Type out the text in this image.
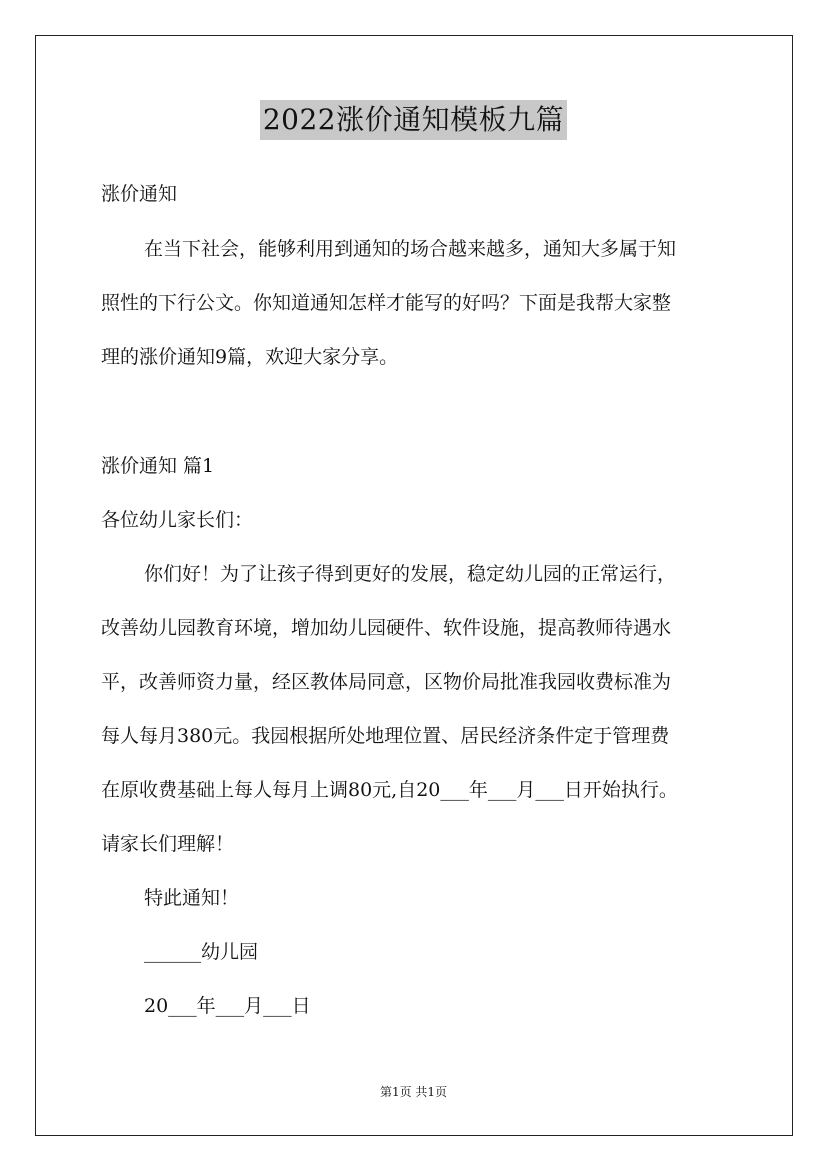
2022涨价通知模板九篇

涨价通知

在当下社会，能够利用到通知的场合越来越多，通知大多属于知

照性的下行公文。你知道通知怎样才能写的好吗？下面是我帮大家整

理的涨价通知9篇，欢迎大家分享。

涨价通知 篇1

各位幼儿家长们：

你们好！为了让孩子得到更好的发展，稳定幼儿园的正常运行，

改善幼儿园教育环境，增加幼儿园硬件、软件设施，提高教师待遇水

平，改善师资力量，经区教体局同意，区物价局批准我园收费标准为

每人每月380元。我园根据所处地理位置、居民经济条件定于管理费

在原收费基础上每人每月上调80元,自20___年___月___日开始执行。

请家长们理解！

特此通知！

______幼儿园

20___年___月___日

第1页 共1页
